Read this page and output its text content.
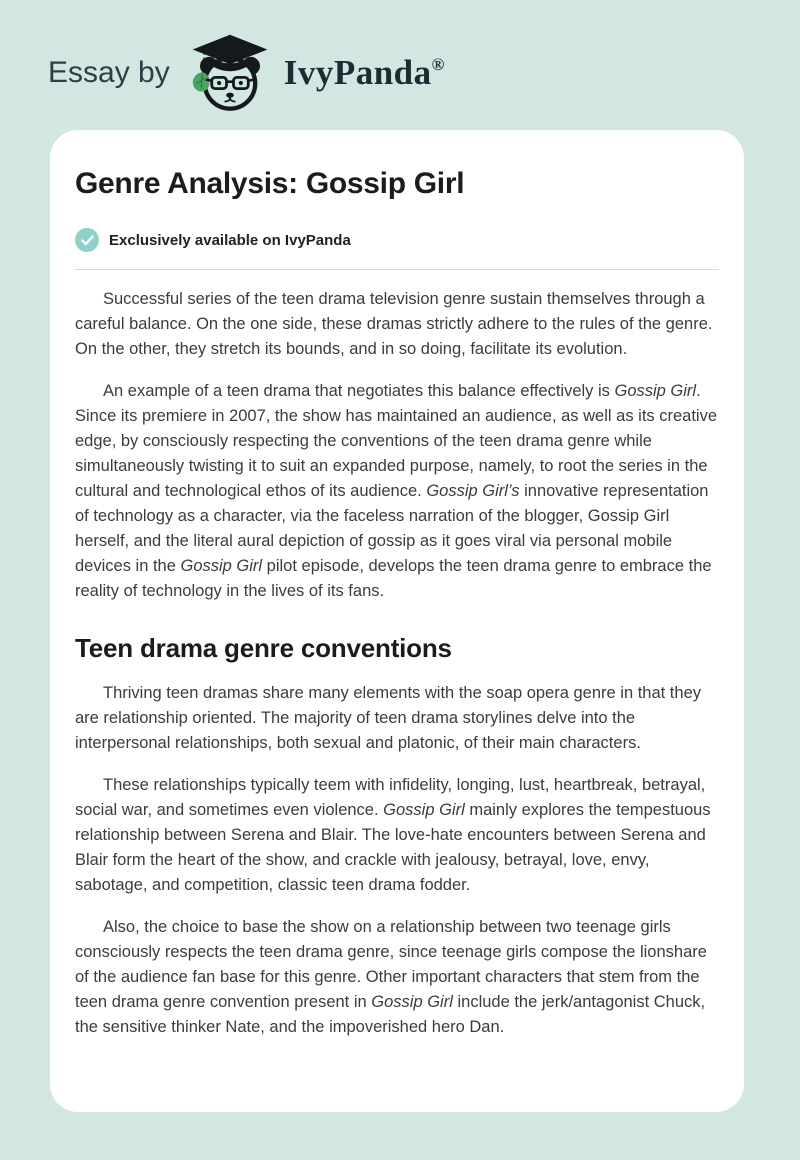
Essay by	IvyPanda®
Genre Analysis: Gossip Girl
Exclusively available on IvyPanda

Successful series of the teen drama television genre sustain themselves through a careful balance. On the one side, these dramas strictly adhere to the rules of the genre. On the other, they stretch its bounds, and in so doing, facilitate its evolution.

An example of a teen drama that negotiates this balance effectively is Gossip Girl. Since its premiere in 2007, the show has maintained an audience, as well as its creative edge, by consciously respecting the conventions of the teen drama genre while simultaneously twisting it to suit an expanded purpose, namely, to root the series in the cultural and technological ethos of its audience. Gossip Girl’s innovative representation of technology as a character, via the faceless narration of the blogger, Gossip Girl herself, and the literal aural depiction of gossip as it goes viral via personal mobile devices in the Gossip Girl pilot episode, develops the teen drama genre to embrace the reality of technology in the lives of its fans.

Teen drama genre conventions

Thriving teen dramas share many elements with the soap opera genre in that they are relationship oriented. The majority of teen drama storylines delve into the interpersonal relationships, both sexual and platonic, of their main characters.

These relationships typically teem with infidelity, longing, lust, heartbreak, betrayal, social war, and sometimes even violence. Gossip Girl mainly explores the tempestuous relationship between Serena and Blair. The love-hate encounters between Serena and Blair form the heart of the show, and crackle with jealousy, betrayal, love, envy, sabotage, and competition, classic teen drama fodder.

Also, the choice to base the show on a relationship between two teenage girls consciously respects the teen drama genre, since teenage girls compose the lionshare of the audience fan base for this genre. Other important characters that stem from the teen drama genre convention present in Gossip Girl include the jerk/antagonist Chuck, the sensitive thinker Nate, and the impoverished hero Dan.
